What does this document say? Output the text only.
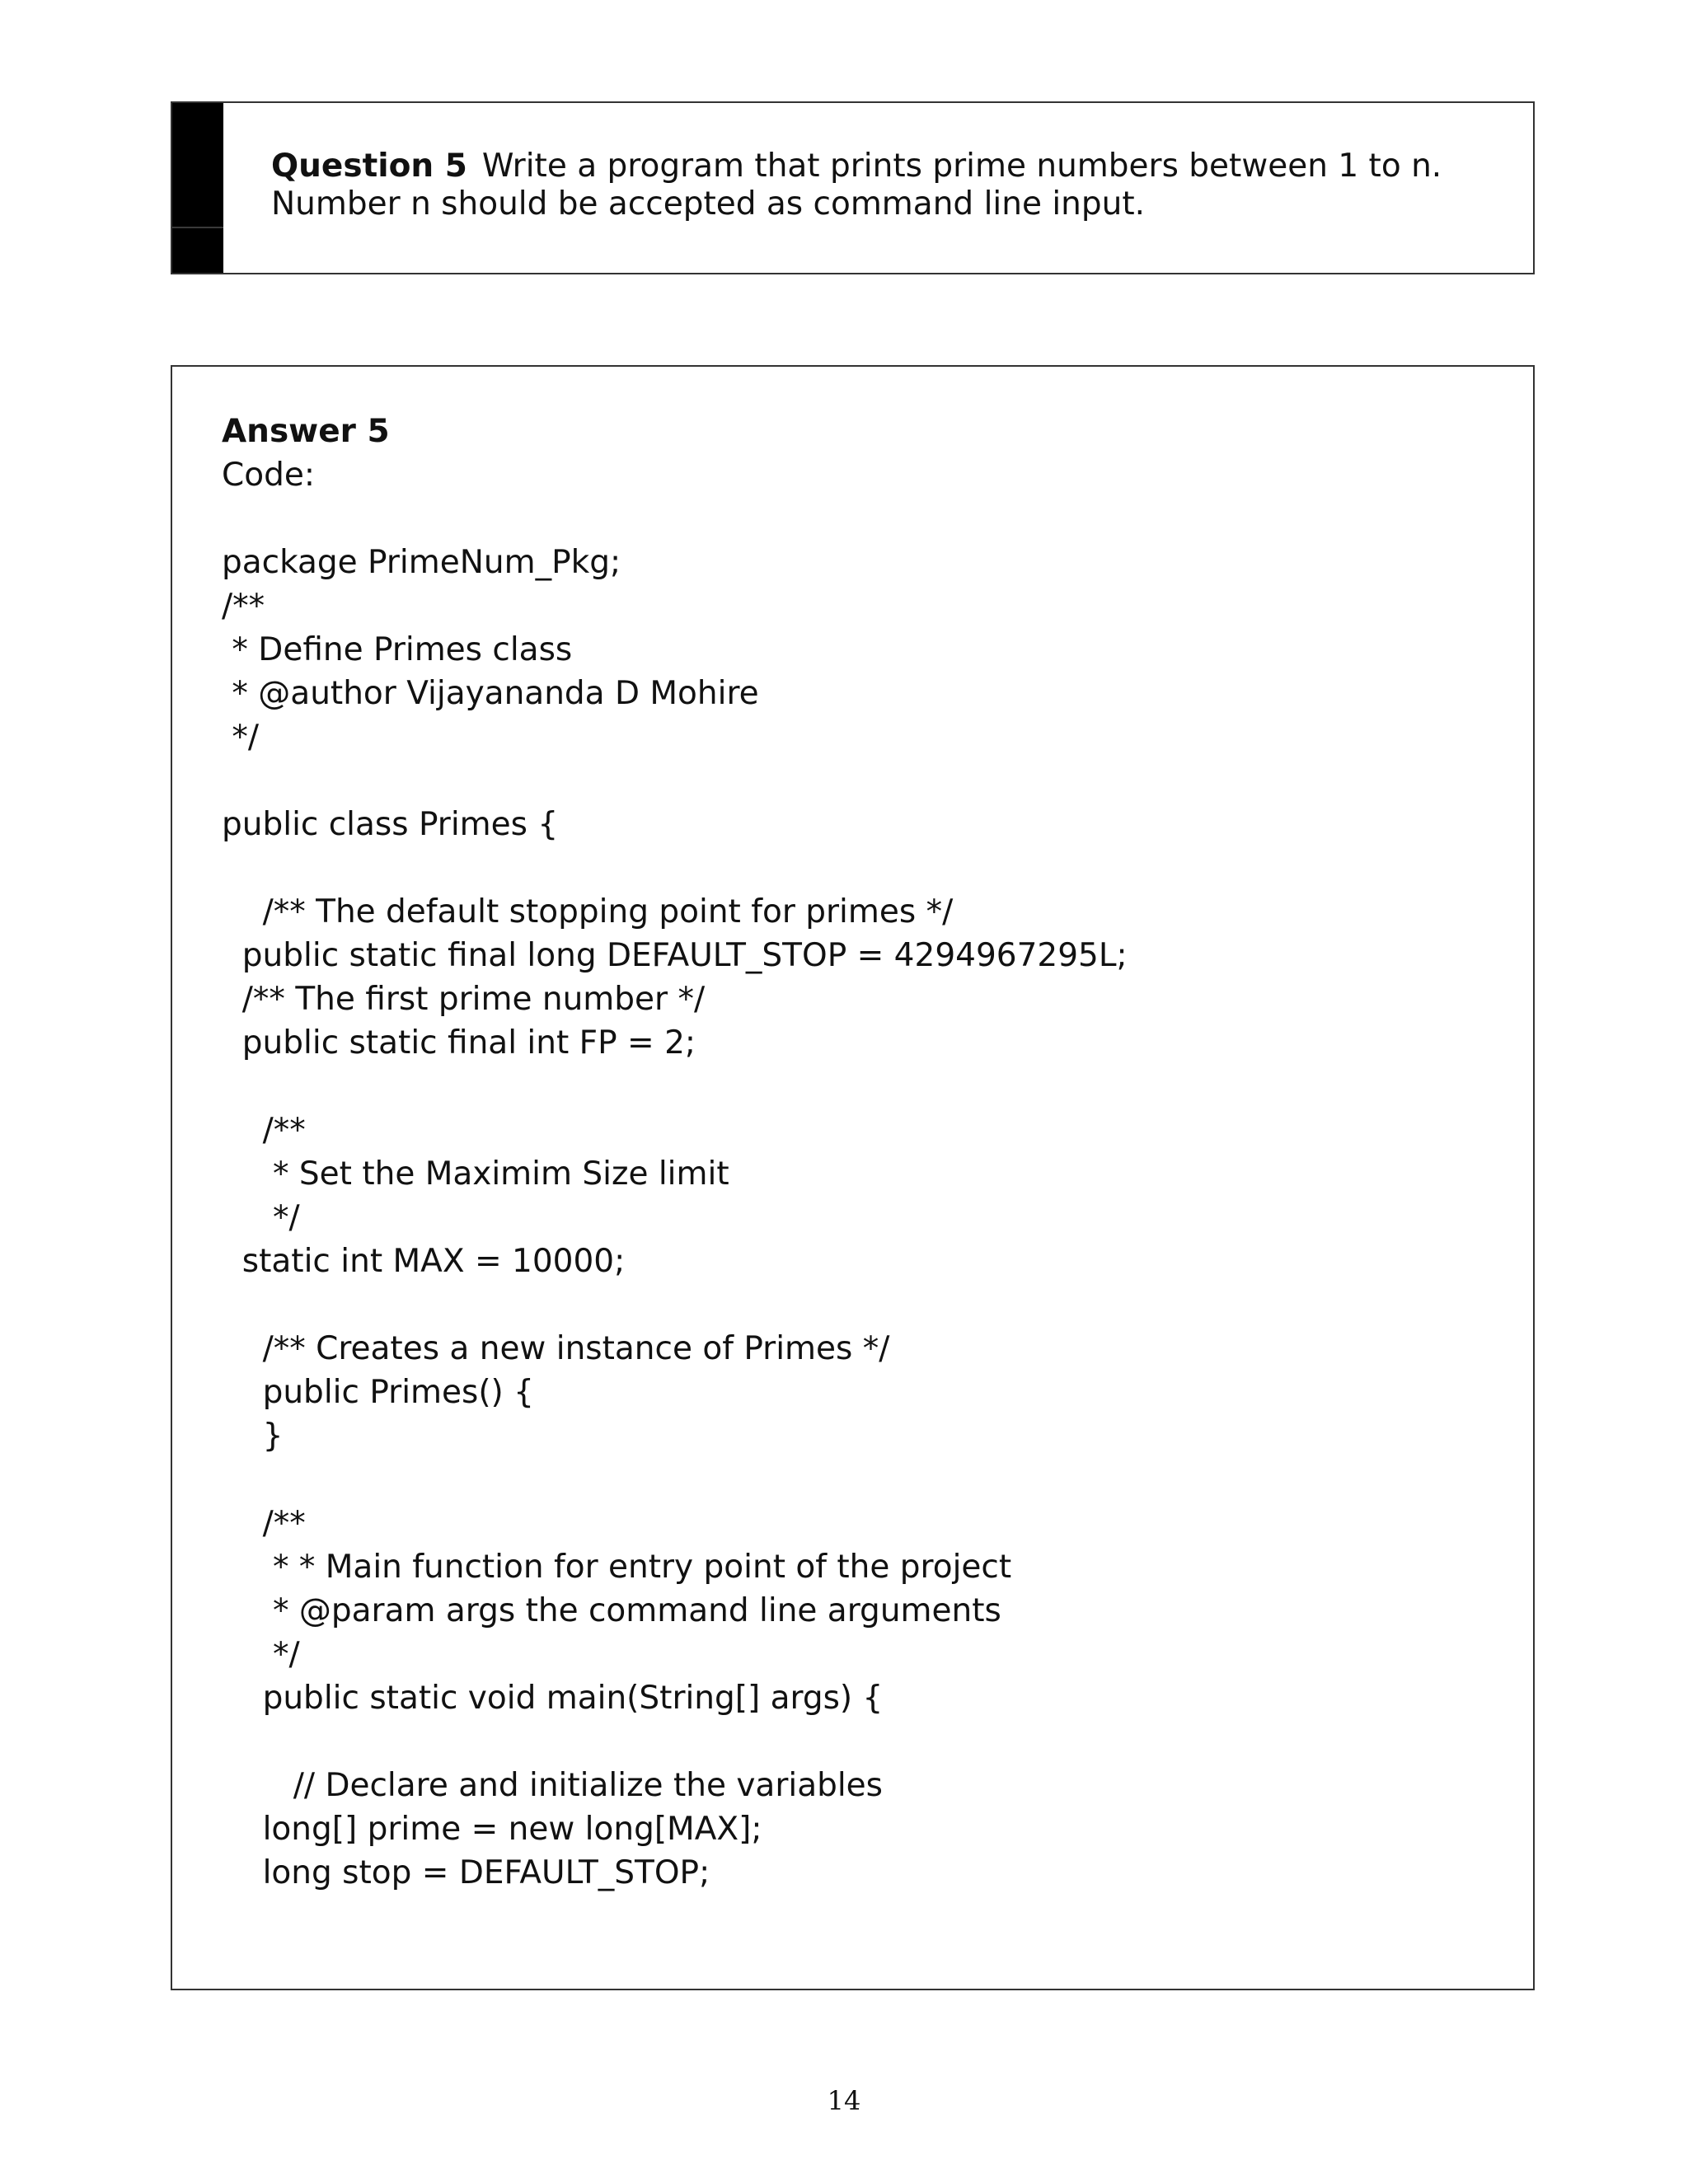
Question 5 Write a program that prints prime numbers between 1 to n. Number n should be accepted as command line input.
Answer 5
Code:
package PrimeNum_Pkg;
/**
* Define Primes class
* @author Vijayananda D Mohire
*/
public class Primes {
/** The default stopping point for primes */
public static final long DEFAULT_STOP = 4294967295L;
/** The first prime number */
public static final int FP = 2;
/**
* Set the Maximim Size limit
*/
static int MAX = 10000;
/** Creates a new instance of Primes */
public Primes() {
}
/**
* * Main function for entry point of the project
* @param args the command line arguments
*/
public static void main(String[] args) {
// Declare and initialize the variables
long[] prime = new long[MAX];
long stop = DEFAULT_STOP;
14
